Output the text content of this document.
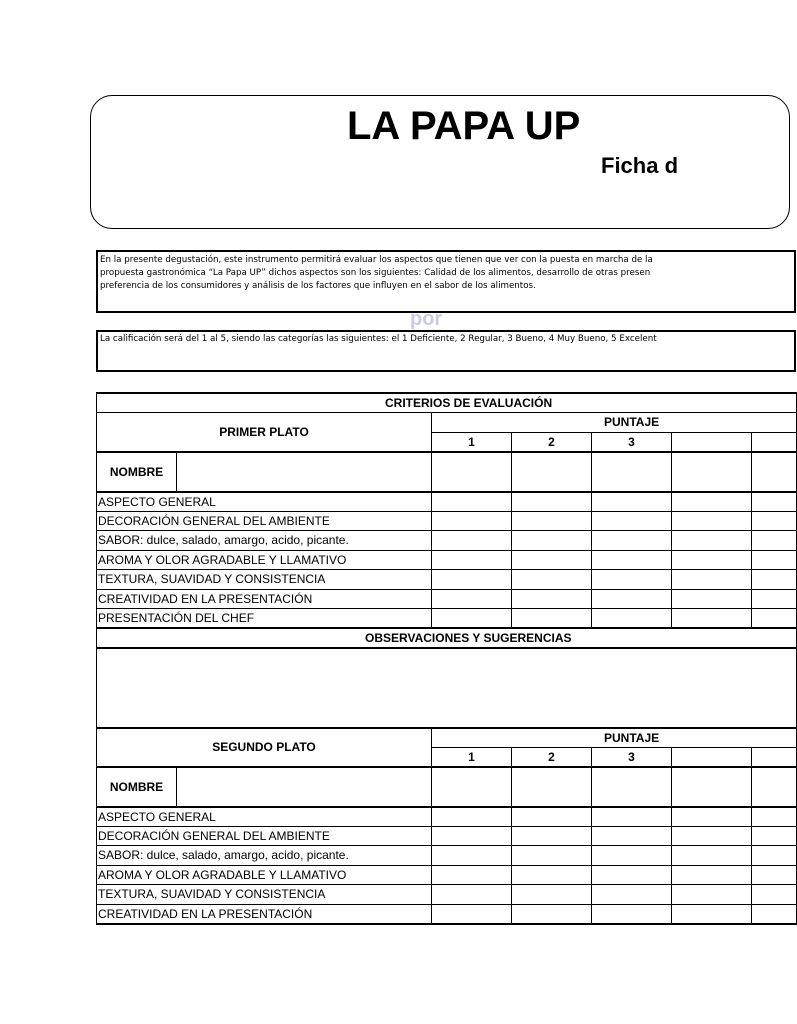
LA PAPA UP
Ficha d

En la presente degustación, este instrumento permitirá evaluar los aspectos que tienen que ver con la puesta en marcha de la

propuesta gastronómica “La Papa UP” dichos aspectos son los siguientes: Calidad de los alimentos, desarrollo de otras presen

preferencia de los consumidores y análisis de los factores que influyen en el sabor de los alimentos.

por
La calificación será del 1 al 5, siendo las categorías las siguientes: el 1 Deficiente, 2 Regular, 3 Bueno, 4 Muy Bueno, 5 Excelent
CRITERIOS DE EVALUACIÓN						
PRIMER PLATO		PUNTAJE				
		1	2	3		
NOMBRE						
ASPECTO GENERAL						
DECORACIÓN GENERAL DEL AMBIENTE						
SABOR: dulce, salado, amargo, acido, picante.						
AROMA Y OLOR AGRADABLE Y LLAMATIVO						
TEXTURA, SUAVIDAD Y CONSISTENCIA						
CREATIVIDAD EN LA PRESENTACIÓN						
PRESENTACIÓN DEL CHEF						
OBSERVACIONES Y SUGERENCIAS						

SEGUNDO PLATO		PUNTAJE				
		1	2	3		
NOMBRE						
ASPECTO GENERAL						
DECORACIÓN GENERAL DEL AMBIENTE						
SABOR: dulce, salado, amargo, acido, picante.						
AROMA Y OLOR AGRADABLE Y LLAMATIVO						
TEXTURA, SUAVIDAD Y CONSISTENCIA						
CREATIVIDAD EN LA PRESENTACIÓN						
